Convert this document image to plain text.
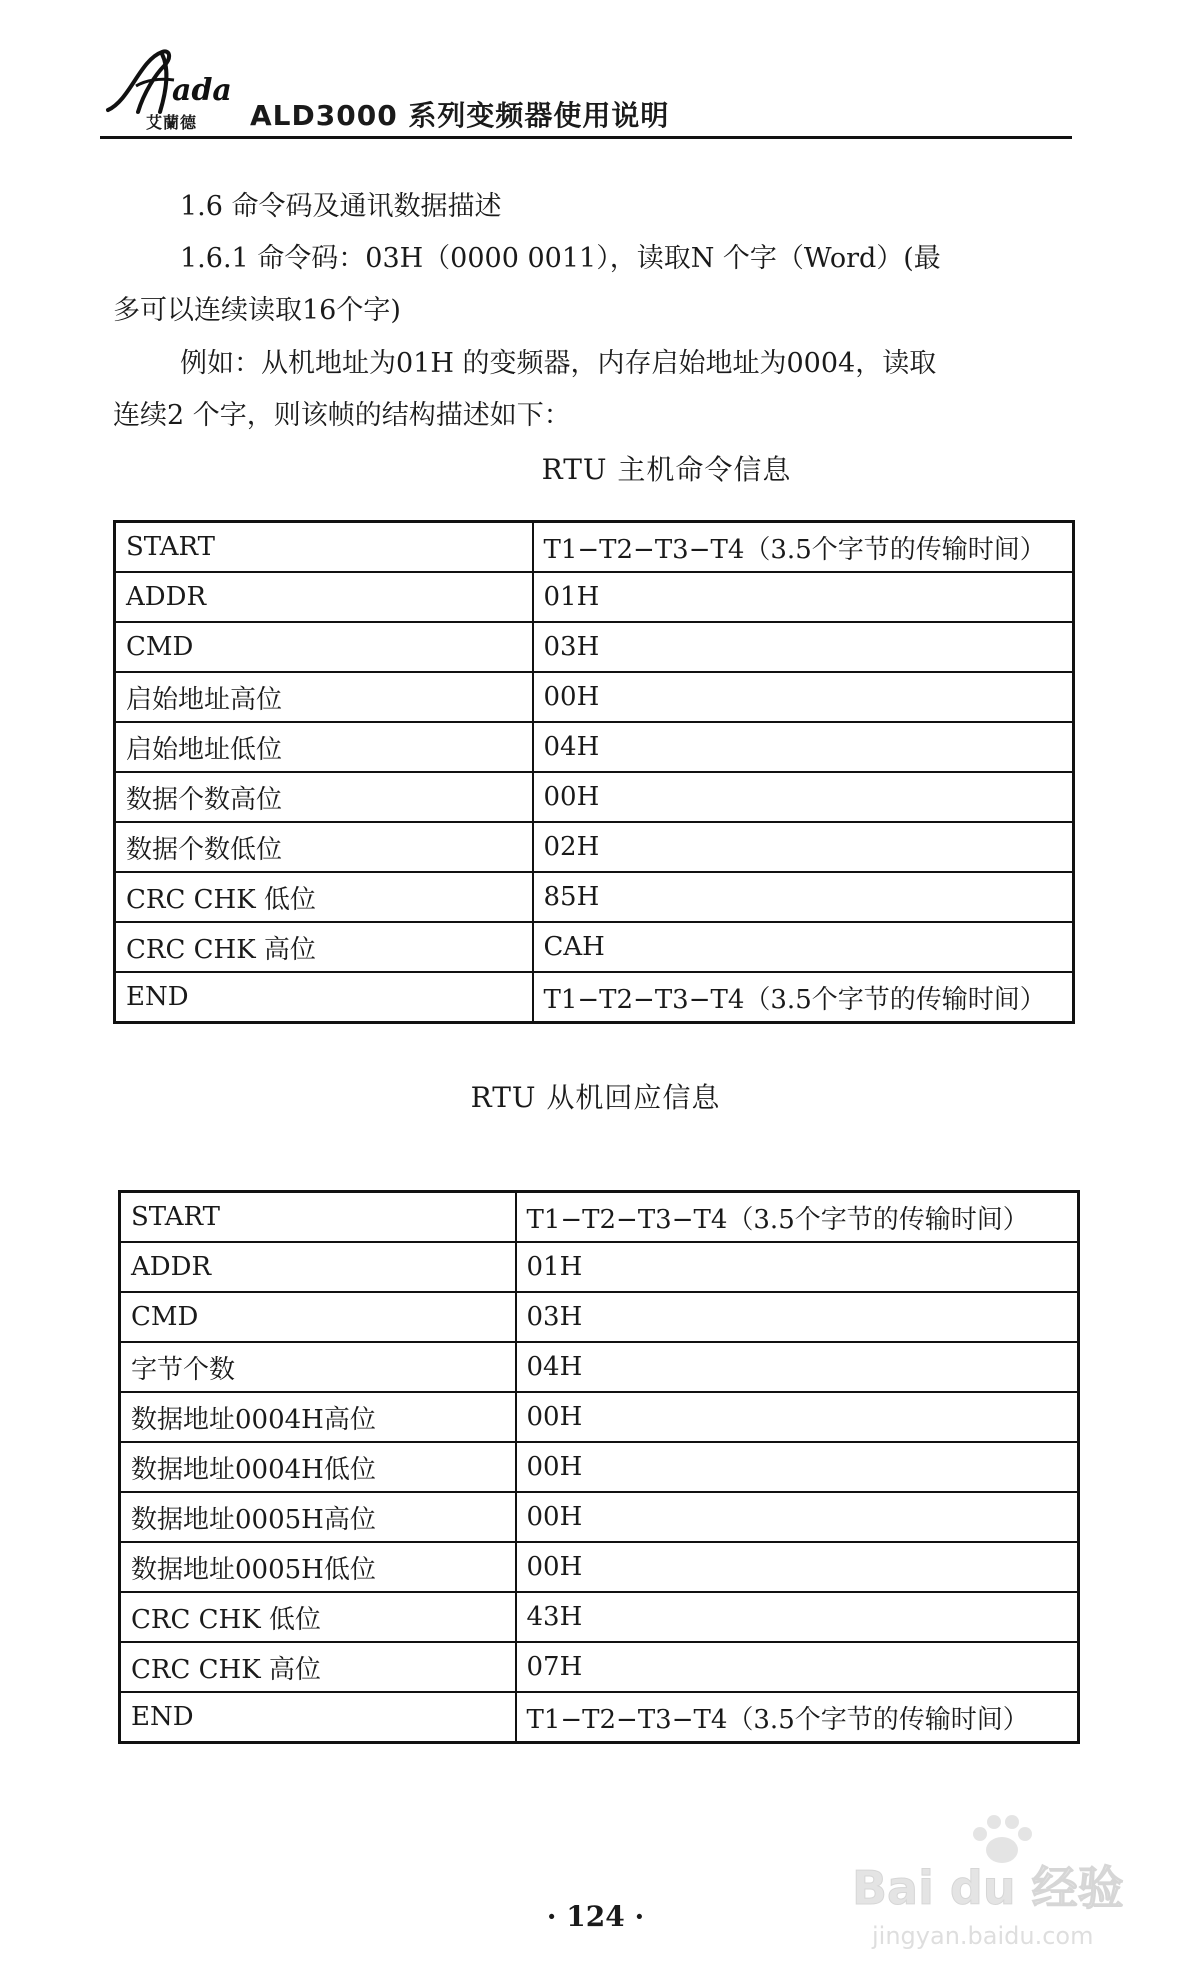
ada
艾蘭德 ALD3000 系列变频器使用说明
1.6 命令码及通讯数据描述
1.6.1 命令码：03H（0000 0011），读取N 个字（Word）(最
多可以连续读取16个字)
例如：从机地址为01H 的变频器，内存启始地址为0004，读取
连续2 个字，则该帧的结构描述如下：
RTU 主机命令信息
START	T1−T2−T3−T4（3.5个字节的传输时间）
ADDR	01H
CMD	03H
启始地址高位	00H
启始地址低位	04H
数据个数高位	00H
数据个数低位	02H
CRC CHK 低位	85H
CRC CHK 高位	CAH
END	T1−T2−T3−T4（3.5个字节的传输时间）
RTU 从机回应信息
START	T1−T2−T3−T4（3.5个字节的传输时间）
ADDR	01H
CMD	03H
字节个数	04H
数据地址0004H高位	00H
数据地址0004H低位	00H
数据地址0005H高位	00H
数据地址0005H低位	00H
CRC CHK 低位	43H
CRC CHK 高位	07H
END	T1−T2−T3−T4（3.5个字节的传输时间）
Bai du 经验
jingyan.baidu.com
· 124 ·
